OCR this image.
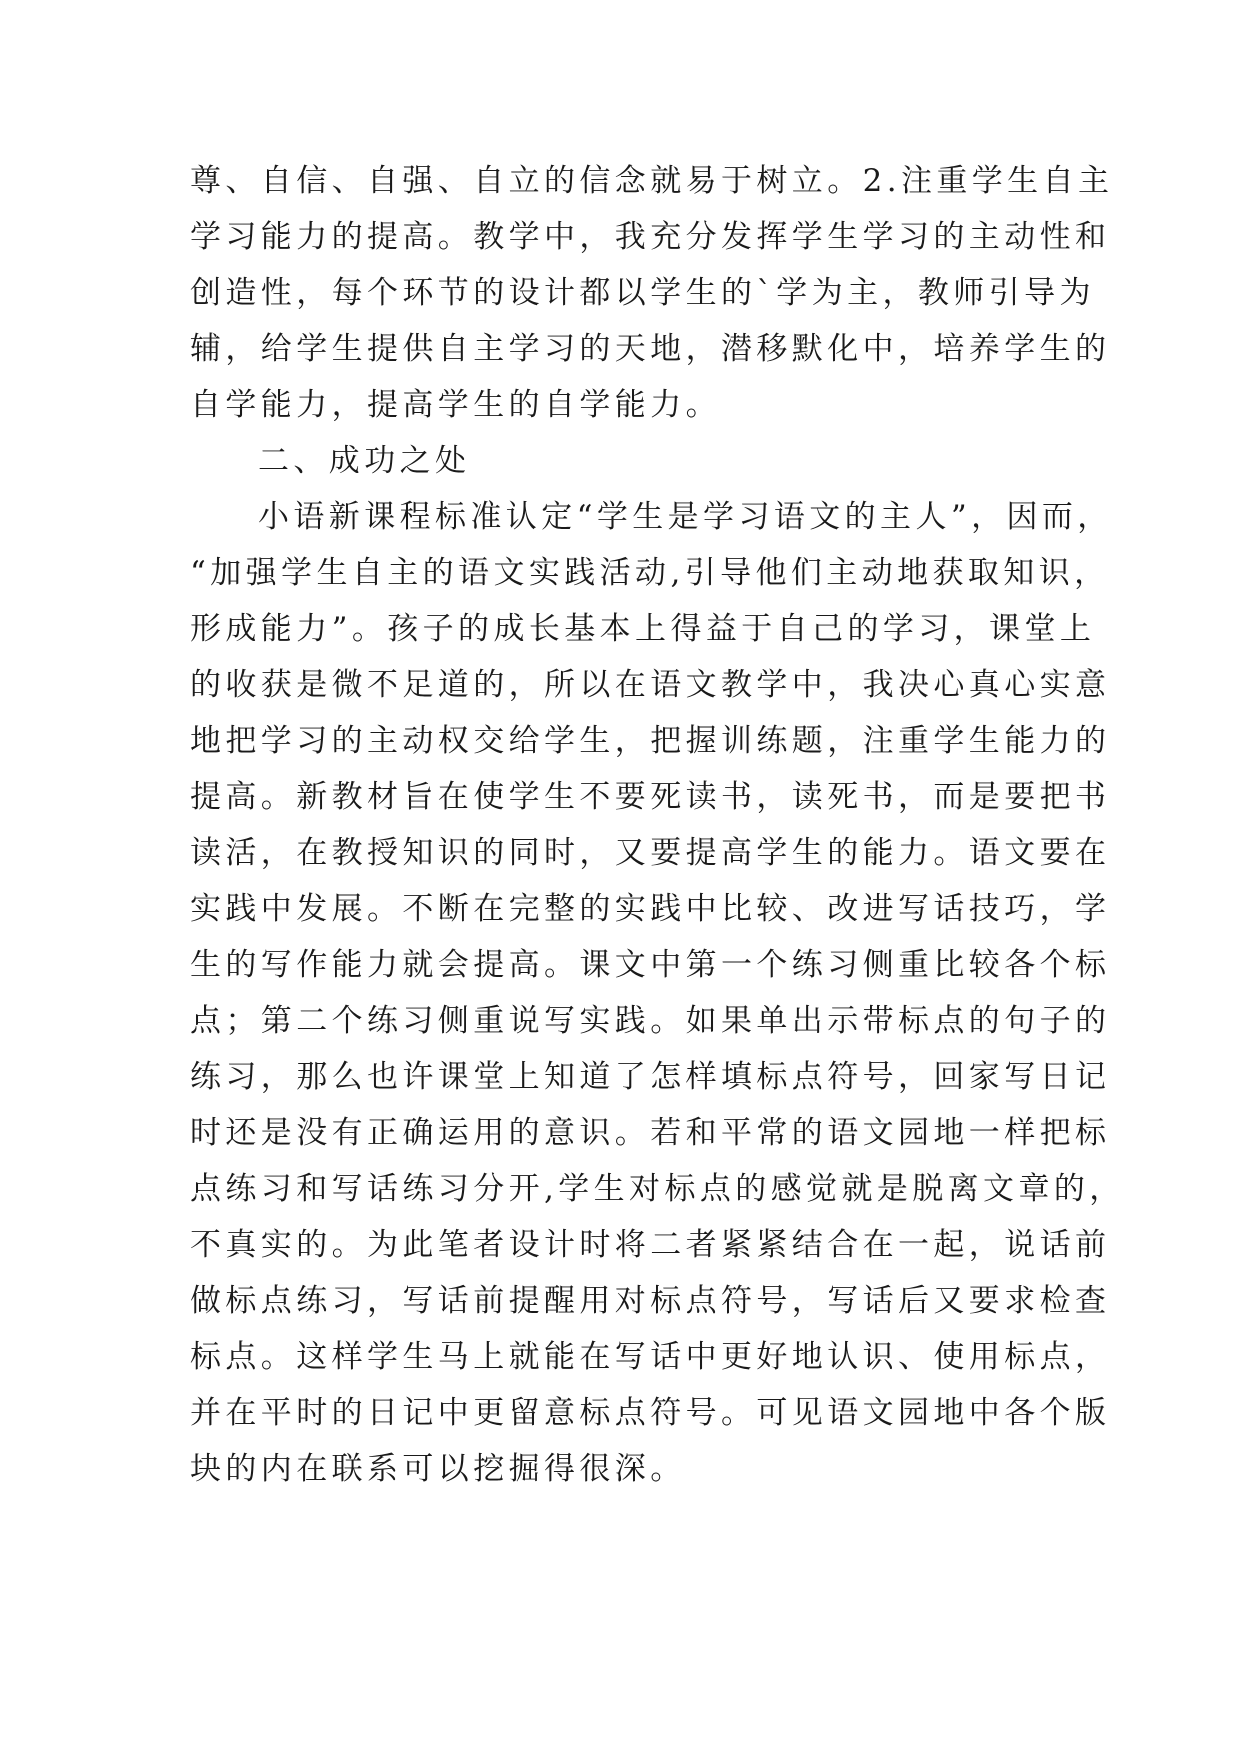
尊、自信、自强、自立的信念就易于树立。2.注重学生自主
学习能力的提高。教学中，我充分发挥学生学习的主动性和
创造性，每个环节的设计都以学生的`学为主，教师引导为
辅，给学生提供自主学习的天地，潜移默化中，培养学生的
自学能力，提高学生的自学能力。
二、成功之处
小语新课程标准认定“学生是学习语文的主人”，因而，
“加强学生自主的语文实践活动,引导他们主动地获取知识，
形成能力”。孩子的成长基本上得益于自己的学习，课堂上
的收获是微不足道的，所以在语文教学中，我决心真心实意
地把学习的主动权交给学生，把握训练题，注重学生能力的
提高。新教材旨在使学生不要死读书，读死书，而是要把书
读活，在教授知识的同时，又要提高学生的能力。语文要在
实践中发展。不断在完整的实践中比较、改进写话技巧，学
生的写作能力就会提高。课文中第一个练习侧重比较各个标
点；第二个练习侧重说写实践。如果单出示带标点的句子的
练习，那么也许课堂上知道了怎样填标点符号，回家写日记
时还是没有正确运用的意识。若和平常的语文园地一样把标
点练习和写话练习分开,学生对标点的感觉就是脱离文章的，
不真实的。为此笔者设计时将二者紧紧结合在一起，说话前
做标点练习，写话前提醒用对标点符号，写话后又要求检查
标点。这样学生马上就能在写话中更好地认识、使用标点，
并在平时的日记中更留意标点符号。可见语文园地中各个版
块的内在联系可以挖掘得很深。
